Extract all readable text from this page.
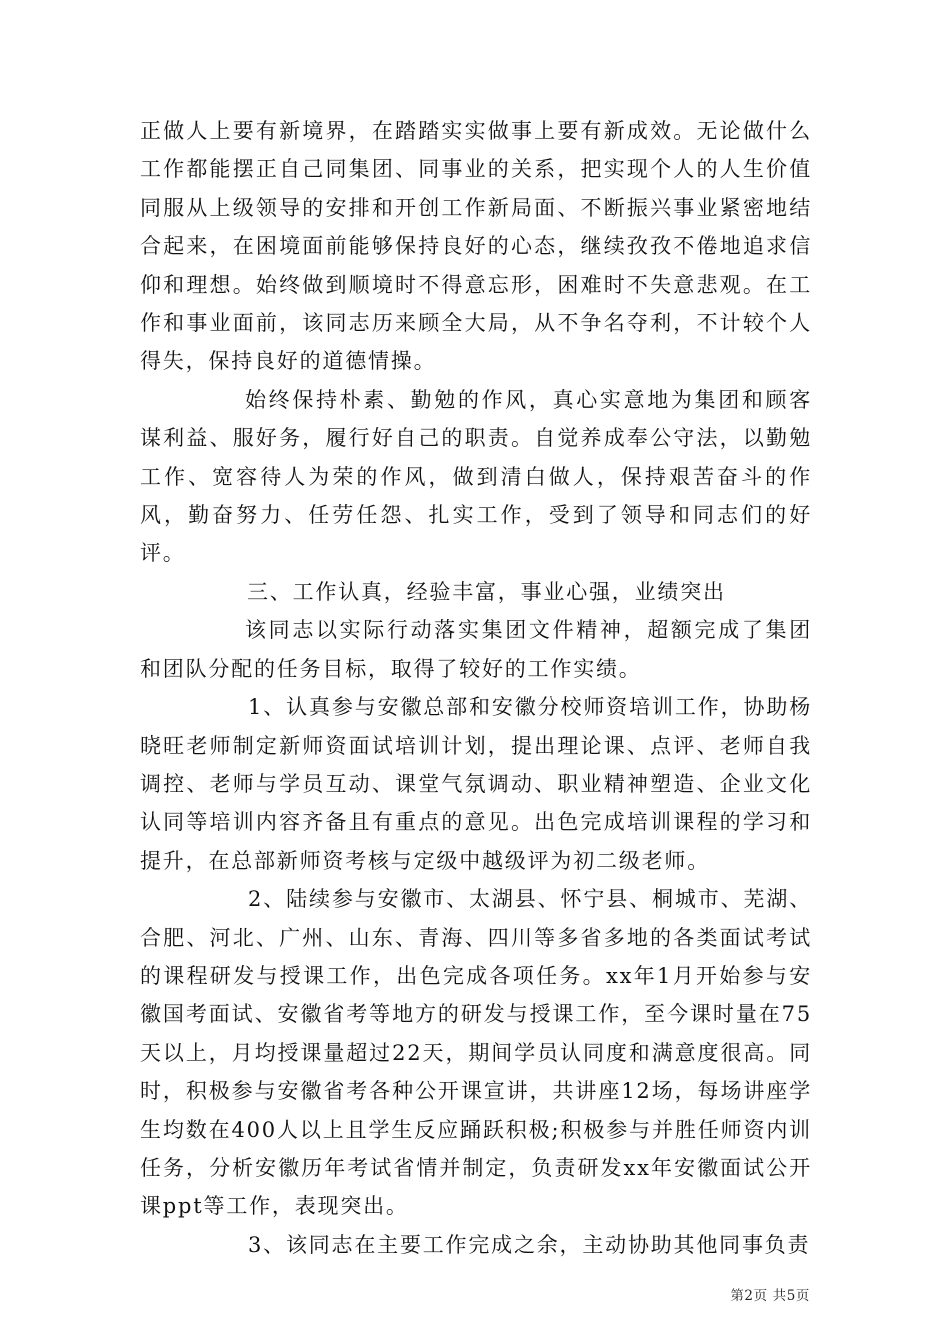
正做人上要有新境界，在踏踏实实做事上要有新成效。无论做什么工作都能摆正自己同集团、同事业的关系，把实现个人的人生价值同服从上级领导的安排和开创工作新局面、不断振兴事业紧密地结合起来，在困境面前能够保持良好的心态，继续孜孜不倦地追求信仰和理想。始终做到顺境时不得意忘形，困难时不失意悲观。在工作和事业面前，该同志历来顾全大局，从不争名夺利，不计较个人得失，保持良好的道德情操。

始终保持朴素、勤勉的作风，真心实意地为集团和顾客谋利益、服好务，履行好自己的职责。自觉养成奉公守法，以勤勉工作、宽容待人为荣的作风，做到清白做人，保持艰苦奋斗的作风，勤奋努力、任劳任怨、扎实工作，受到了领导和同志们的好评。

三、工作认真，经验丰富，事业心强，业绩突出

该同志以实际行动落实集团文件精神，超额完成了集团和团队分配的任务目标，取得了较好的工作实绩。

1、认真参与安徽总部和安徽分校师资培训工作，协助杨晓旺老师制定新师资面试培训计划，提出理论课、点评、老师自我调控、老师与学员互动、课堂气氛调动、职业精神塑造、企业文化认同等培训内容齐备且有重点的意见。出色完成培训课程的学习和提升，在总部新师资考核与定级中越级评为初二级老师。

2、陆续参与安徽市、太湖县、怀宁县、桐城市、芜湖、合肥、河北、广州、山东、青海、四川等多省多地的各类面试考试的课程研发与授课工作，出色完成各项任务。xx年1月开始参与安徽国考面试、安徽省考等地方的研发与授课工作，至今课时量在75天以上，月均授课量超过22天，期间学员认同度和满意度很高。同时，积极参与安徽省考各种公开课宣讲，共讲座12场，每场讲座学生均数在400人以上且学生反应踊跃积极;积极参与并胜任师资内训任务，分析安徽历年考试省情并制定，负责研发xx年安徽面试公开课ppt等工作，表现突出。

3、该同志在主要工作完成之余，主动协助其他同事负责

第2页 共5页
